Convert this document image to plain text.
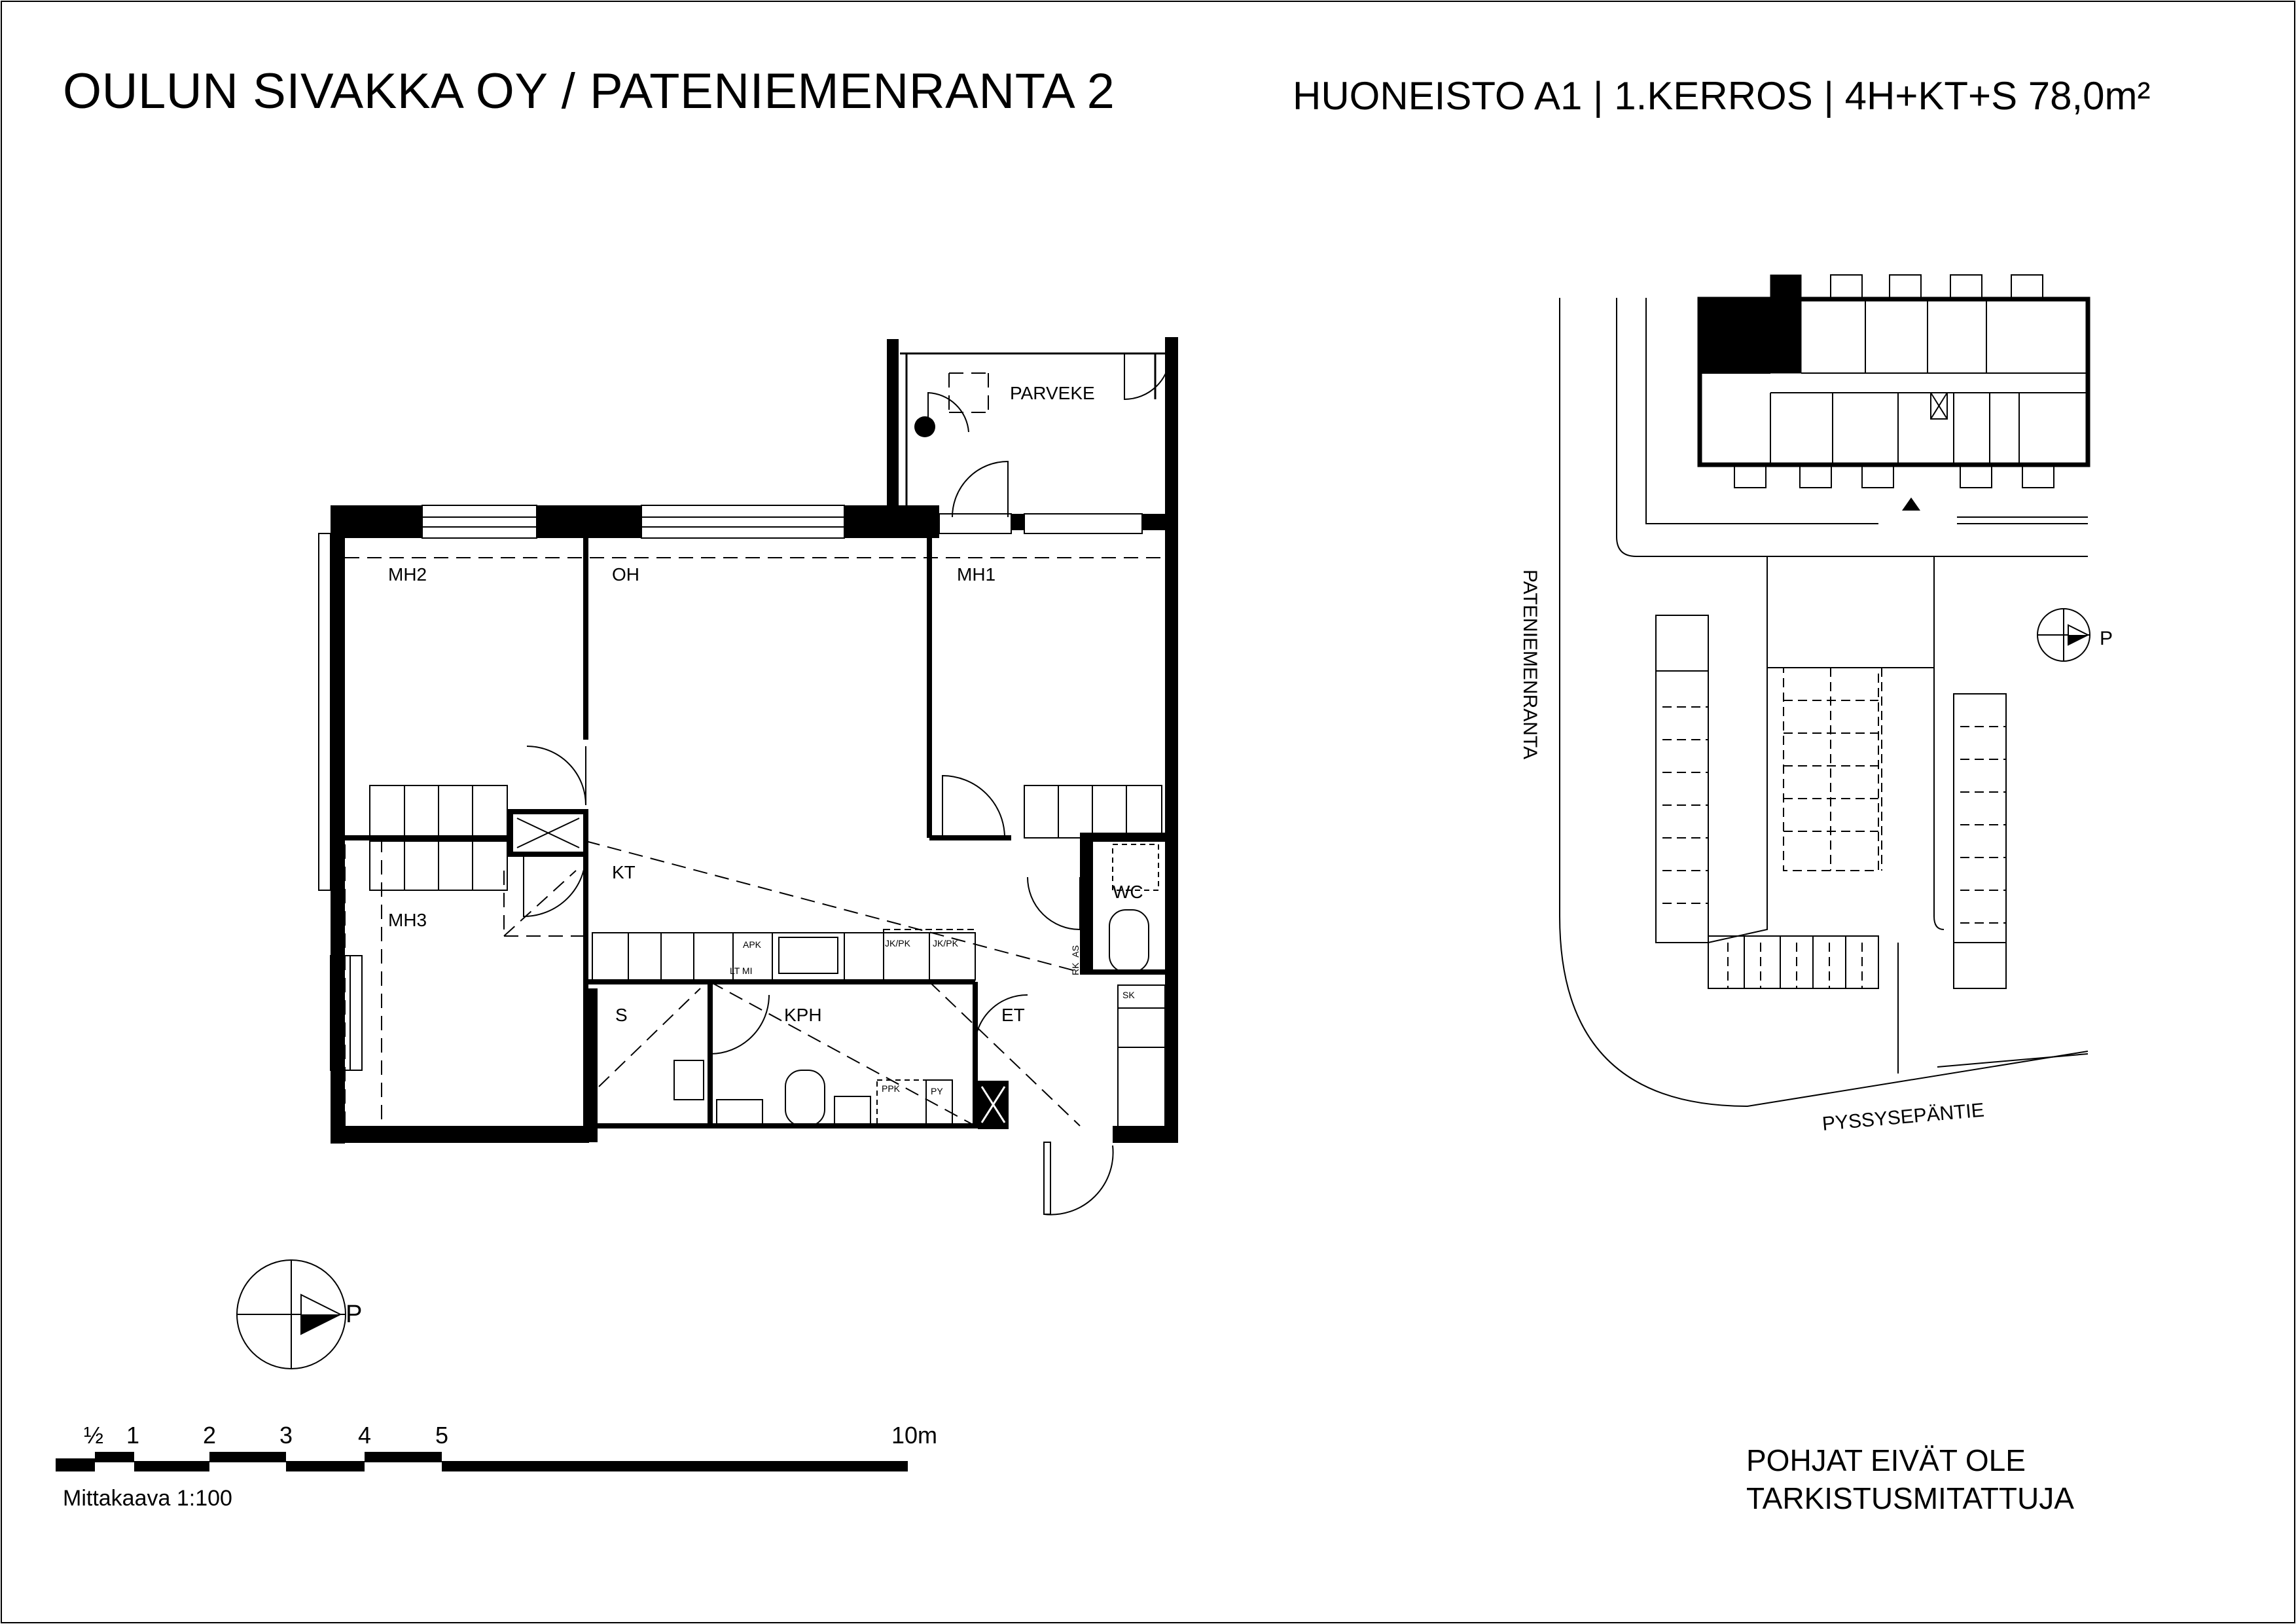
OULUN SIVAKKA OY / PATENIEMENRANTA 2	HUONEISTO A1 | 1.KERROS | 4H+KT+S 78,0m²
PARVEKE
MH2	OH	MH1
KT
WC
MH3
S	KPH	ET
SK
RK_AS
APK
LT MI
JK/PK JK/PK
PPK	PY
P
½ 1	2	3	4	5	10m
P
PATENIEMENRANTA
PYSSYSEPÄNTIE
Mittakaava 1:100
POHJAT EIVÄT OLE
TARKISTUSMITATTUJA
